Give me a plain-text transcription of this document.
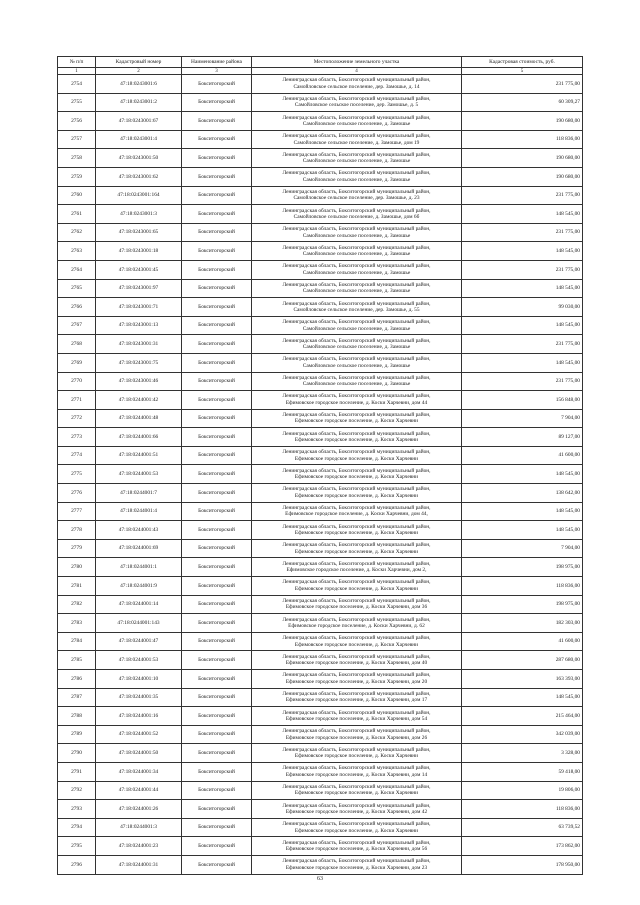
№ п/п	Кадастровый номер	Наименование района	Местоположение земельного участка	Кадастровая стоимость, руб.
1	2	3	4	5
2754	47:18:0243001:6	Бокситогорский	Ленинградская область, Бокситогорский муниципальный район,
Самойловское сельское поселение, дер. Замошье, д. 14	231 775,00
2755	47:18:0243001:2	Бокситогорский	Ленинградская область, Бокситогорский муниципальный район,
Самойловское сельское поселение, дер. Замошье, д. 5	60 309,27
2756	47:18:0243001:67	Бокситогорский	Ленинградская область, Бокситогорский муниципальный район,
Самойловское сельское поселение, д. Замошье	190 680,00
2757	47:18:0243001:4	Бокситогорский	Ленинградская область, Бокситогорский муниципальный район,
Самойловское сельское поселение, д. Замошье, дом 19	118 836,00
2758	47:18:0243001:50	Бокситогорский	Ленинградская область, Бокситогорский муниципальный район,
Самойловское сельское поселение, д. Замошье	190 680,00
2759	47:18:0243001:62	Бокситогорский	Ленинградская область, Бокситогорский муниципальный район,
Самойловское сельское поселение, д. Замошье	190 680,00
2760	47:18:0243001:164	Бокситогорский	Ленинградская область, Бокситогорский муниципальный район,
Самойловское сельское поселение, дер. Замошье, д. 23	231 775,00
2761	47:18:0243001:3	Бокситогорский	Ленинградская область, Бокситогорский муниципальный район,
Самойловское сельское поселение, д. Замошье, дом 6б	148 545,00
2762	47:18:0243001:65	Бокситогорский	Ленинградская область, Бокситогорский муниципальный район,
Самойловское сельское поселение, д. Замошье	231 775,00
2763	47:18:0243001:18	Бокситогорский	Ленинградская область, Бокситогорский муниципальный район,
Самойловское сельское поселение, д. Замошье	148 545,00
2764	47:18:0243001:45	Бокситогорский	Ленинградская область, Бокситогорский муниципальный район,
Самойловское сельское поселение, д. Замошье	231 775,00
2765	47:18:0243001:97	Бокситогорский	Ленинградская область, Бокситогорский муниципальный район,
Самойловское сельское поселение, д. Замошье	148 545,00
2766	47:18:0243001:71	Бокситогорский	Ленинградская область, Бокситогорский муниципальный район,
Самойловское сельское поселение, дер. Замошье, д. 55	99 030,00
2767	47:18:0243001:13	Бокситогорский	Ленинградская область, Бокситогорский муниципальный район,
Самойловское сельское поселение, д. Замошье	148 545,00
2768	47:18:0243001:31	Бокситогорский	Ленинградская область, Бокситогорский муниципальный район,
Самойловское сельское поселение, д. Замошье	231 775,00
2769	47:18:0243001:75	Бокситогорский	Ленинградская область, Бокситогорский муниципальный район,
Самойловское сельское поселение, д. Замошье	148 545,00
2770	47:18:0243001:46	Бокситогорский	Ленинградская область, Бокситогорский муниципальный район,
Самойловское сельское поселение, д. Замошье	231 775,00
2771	47:18:0244001:42	Бокситогорский	Ленинградская область, Бокситогорский муниципальный район,
Ефимовское городское поселение, д. Коски Харчевни, дом 44	156 848,00
2772	47:18:0244001:48	Бокситогорский	Ленинградская область, Бокситогорский муниципальный район,
Ефимовское городское поселение, д. Коски Харчевни	7 904,00
2773	47:18:0244001:66	Бокситогорский	Ленинградская область, Бокситогорский муниципальный район,
Ефимовское городское поселение, д. Коски Харчевни	89 127,00
2774	47:18:0244001:51	Бокситогорский	Ленинградская область, Бокситогорский муниципальный район,
Ефимовское городское поселение, д. Коски Харчевни	41 600,00
2775	47:18:0244001:53	Бокситогорский	Ленинградская область, Бокситогорский муниципальный район,
Ефимовское городское поселение, д. Коски Харчевни	148 545,00
2776	47:18:0244001:7	Бокситогорский	Ленинградская область, Бокситогорский муниципальный район,
Ефимовское городское поселение, д. Коски Харчевни	138 642,00
2777	47:18:0244001:4	Бокситогорский	Ленинградская область, Бокситогорский муниципальный район,
Ефимовское городское поселение, д. Коски Харчевни, дом 44,	148 545,00
2778	47:18:0244001:43	Бокситогорский	Ленинградская область, Бокситогорский муниципальный район,
Ефимовское городское поселение, д. Коски Харчевни	148 545,00
2779	47:18:0244001:69	Бокситогорский	Ленинградская область, Бокситогорский муниципальный район,
Ефимовское городское поселение, д. Коски Харчевни	7 904,00
2780	47:18:0244001:1	Бокситогорский	Ленинградская область, Бокситогорский муниципальный район,
Ефимовское городское поселение, д. Коски Харчевни, дом 2,	198 975,00
2781	47:18:0244001:9	Бокситогорский	Ленинградская область, Бокситогорский муниципальный район,
Ефимовское городское поселение, д. Коски Харчевни	118 836,00
2782	47:18:0244001:14	Бокситогорский	Ленинградская область, Бокситогорский муниципальный район,
Ефимовское городское поселение, д. Коски Харчевни, дом 36	198 975,00
2783	47:18:0244001:143	Бокситогорский	Ленинградская область, Бокситогорский муниципальный район,
Ефимовское городское поселение, д. Коски Харчевни, д. 62	182 303,00
2784	47:18:0244001:47	Бокситогорский	Ленинградская область, Бокситогорский муниципальный район,
Ефимовское городское поселение, д. Коски Харчевни	41 600,00
2785	47:18:0244001:53	Бокситогорский	Ленинградская область, Бокситогорский муниципальный район,
Ефимовское городское поселение, д. Коски Харчевни, дом 40	287 680,00
2786	47:18:0244001:10	Бокситогорский	Ленинградская область, Бокситогорский муниципальный район,
Ефимовское городское поселение, д. Коски Харчевни, дом 20	163 393,00
2787	47:18:0244001:35	Бокситогорский	Ленинградская область, Бокситогорский муниципальный район,
Ефимовское городское поселение, д. Коски Харчевни, дом 17	148 545,00
2788	47:18:0244001:16	Бокситогорский	Ленинградская область, Бокситогорский муниципальный район,
Ефимовское городское поселение, д. Коски Харчевни, дом 54	215 464,00
2789	47:18:0244001:52	Бокситогорский	Ленинградская область, Бокситогорский муниципальный район,
Ефимовское городское поселение, д. Коски Харчевни, дом 26	342 039,00
2790	47:18:0244001:50	Бокситогорский	Ленинградская область, Бокситогорский муниципальный район,
Ефимовское городское поселение, д. Коски Харчевни	3 328,00
2791	47:18:0244001:34	Бокситогорский	Ленинградская область, Бокситогорский муниципальный район,
Ефимовское городское поселение, д. Коски Харчевни, дом 14	59 418,00
2792	47:18:0244001:44	Бокситогорский	Ленинградская область, Бокситогорский муниципальный район,
Ефимовское городское поселение, д. Коски Харчевни	19 806,00
2793	47:18:0244001:26	Бокситогорский	Ленинградская область, Бокситогорский муниципальный район,
Ефимовское городское поселение, д. Коски Харчевни, дом 42	118 836,00
2794	47:18:0244001:3	Бокситогорский	Ленинградская область, Бокситогорский муниципальный район,
Ефимовское городское поселение, д. Коски Харчевни	63 739,52
2795	47:18:0244001:23	Бокситогорский	Ленинградская область, Бокситогорский муниципальный район,
Ефимовское городское поселение, д. Коски Харчевни, дом 56	173 862,00
2796	47:18:0244001:31	Бокситогорский	Ленинградская область, Бокситогорский муниципальный район,
Ефимовское городское поселение, д. Коски Харчевни, дом 23	178 950,00
63
